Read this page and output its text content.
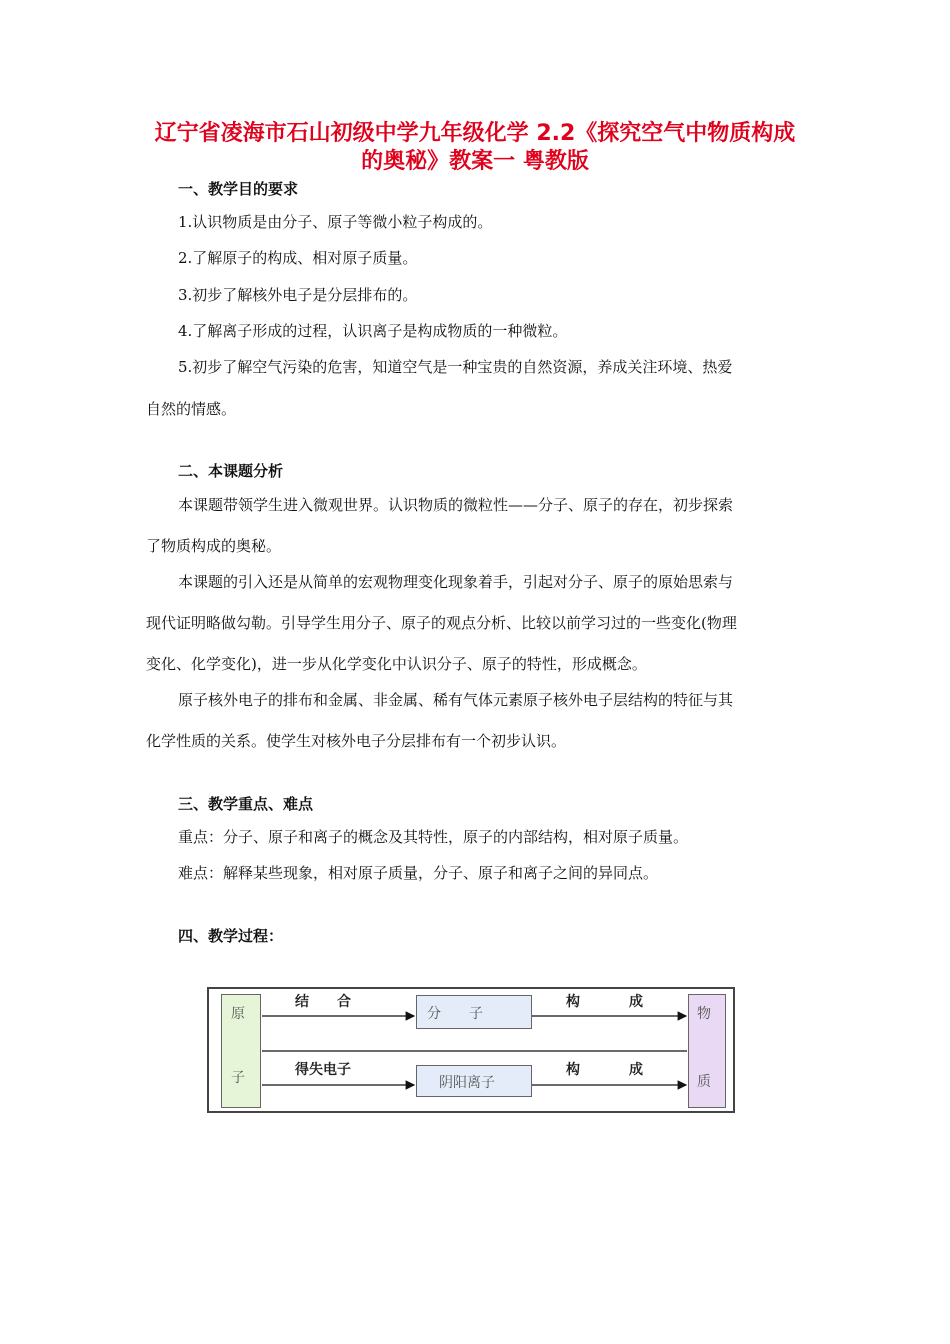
辽宁省凌海市石山初级中学九年级化学 2.2《探究空气中物质构成
的奥秘》教案一 粤教版
一、教学目的要求
1.认识物质是由分子、原子等微小粒子构成的。
2.了解原子的构成、相对原子质量。
3.初步了解核外电子是分层排布的。
4.了解离子形成的过程，认识离子是构成物质的一种微粒。
5.初步了解空气污染的危害，知道空气是一种宝贵的自然资源，养成关注环境、热爱
自然的情感。
二、本课题分析
本课题带领学生进入微观世界。认识物质的微粒性——分子、原子的存在，初步探索
了物质构成的奥秘。
本课题的引入还是从简单的宏观物理变化现象着手，引起对分子、原子的原始思索与
现代证明略做勾勒。引导学生用分子、原子的观点分析、比较以前学习过的一些变化(物理
变化、化学变化)，进一步从化学变化中认识分子、原子的特性，形成概念。
原子核外电子的排布和金属、非金属、稀有气体元素原子核外电子层结构的特征与其
化学性质的关系。使学生对核外电子分层排布有一个初步认识。
三、教学重点、难点
重点：分子、原子和离子的概念及其特性，原子的内部结构，相对原子质量。
难点：解释某些现象，相对原子质量，分子、原子和离子之间的异同点。
四、教学过程：
原
子
分　　子
阴阳离子
物
质
结　　合
得失电子
构	成
构	成
